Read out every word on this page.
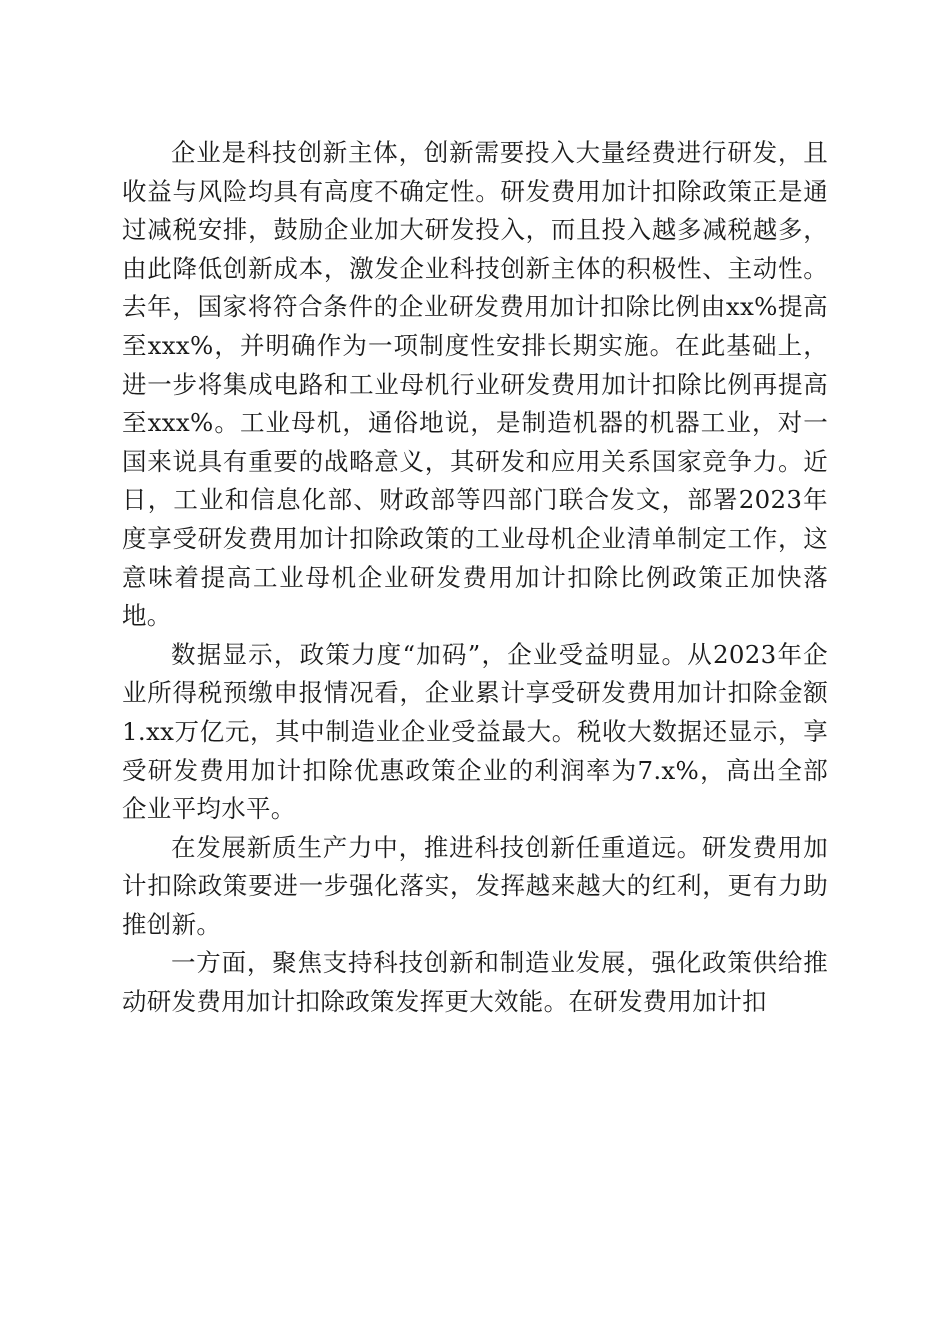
企业是科技创新主体，创新需要投入大量经费进行研发，且收益与风险均具有高度不确定性。研发费用加计扣除政策正是通过减税安排，鼓励企业加大研发投入，而且投入越多减税越多，由此降低创新成本，激发企业科技创新主体的积极性、主动性。去年，国家将符合条件的企业研发费用加计扣除比例由xx%提高至xxx%，并明确作为一项制度性安排长期实施。在此基础上，进一步将集成电路和工业母机行业研发费用加计扣除比例再提高至xxx%。工业母机，通俗地说，是制造机器的机器工业，对一国来说具有重要的战略意义，其研发和应用关系国家竞争力。近日，工业和信息化部、财政部等四部门联合发文，部署2023年度享受研发费用加计扣除政策的工业母机企业清单制定工作，这意味着提高工业母机企业研发费用加计扣除比例政策正加快落地。

数据显示，政策力度“加码”，企业受益明显。从2023年企业所得税预缴申报情况看，企业累计享受研发费用加计扣除金额1.xx万亿元，其中制造业企业受益最大。税收大数据还显示，享受研发费用加计扣除优惠政策企业的利润率为7.x%，高出全部企业平均水平。

在发展新质生产力中，推进科技创新任重道远。研发费用加计扣除政策要进一步强化落实，发挥越来越大的红利，更有力助推创新。

一方面，聚焦支持科技创新和制造业发展，强化政策供给推动研发费用加计扣除政策发挥更大效能。在研发费用加计扣
